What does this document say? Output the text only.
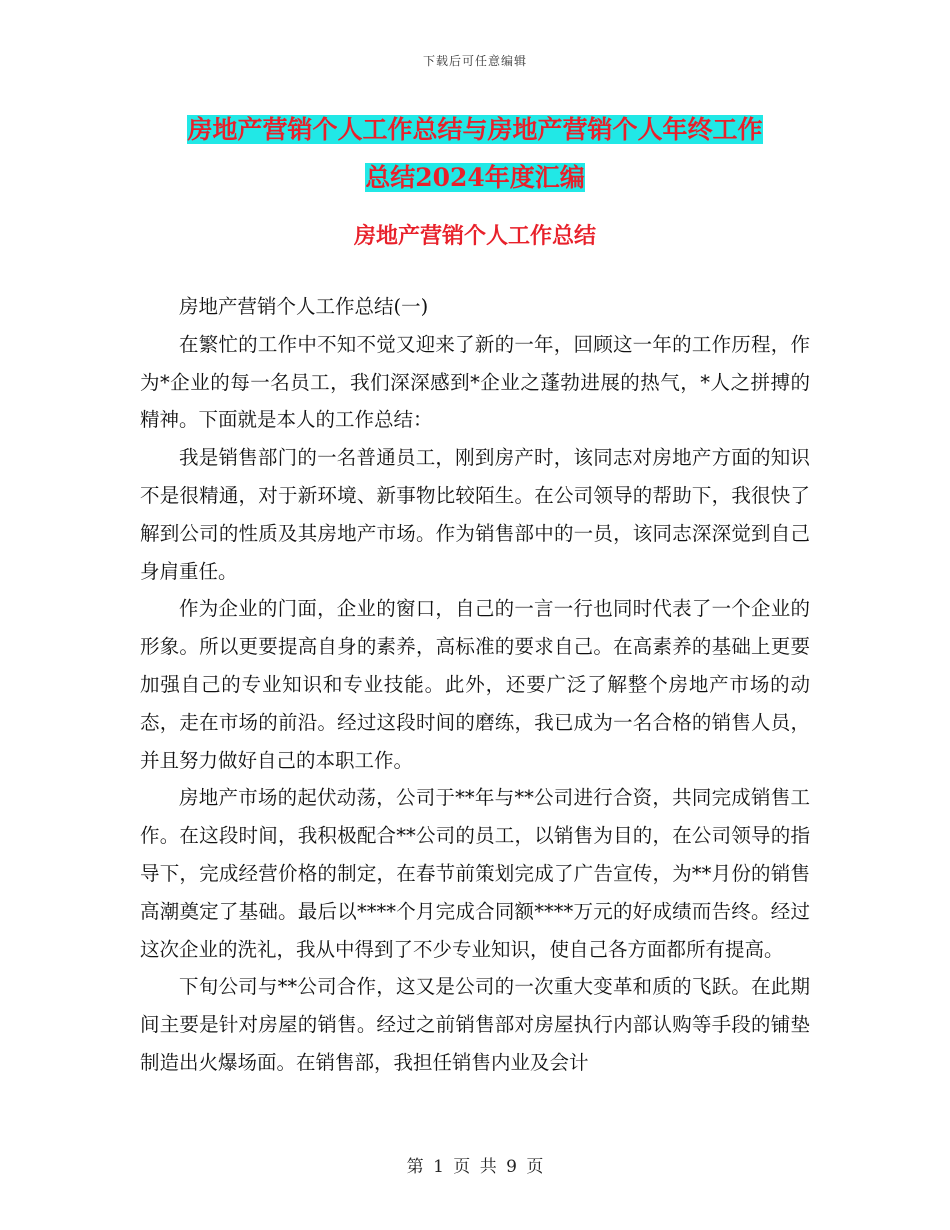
下载后可任意编辑
房地产营销个人工作总结与房地产营销个人年终工作
总结2024年度汇编
房地产营销个人工作总结

房地产营销个人工作总结(一)

在繁忙的工作中不知不觉又迎来了新的一年，回顾这一年的工作历程，作为*企业的每一名员工，我们深深感到*企业之蓬勃进展的热气，*人之拼搏的精神。下面就是本人的工作总结：

我是销售部门的一名普通员工，刚到房产时，该同志对房地产方面的知识不是很精通，对于新环境、新事物比较陌生。在公司领导的帮助下，我很快了解到公司的性质及其房地产市场。作为销售部中的一员，该同志深深觉到自己身肩重任。

作为企业的门面，企业的窗口，自己的一言一行也同时代表了一个企业的形象。所以更要提高自身的素养，高标准的要求自己。在高素养的基础上更要加强自己的专业知识和专业技能。此外，还要广泛了解整个房地产市场的动态，走在市场的前沿。经过这段时间的磨练，我已成为一名合格的销售人员，并且努力做好自己的本职工作。

房地产市场的起伏动荡，公司于**年与**公司进行合资，共同完成销售工作。在这段时间，我积极配合**公司的员工，以销售为目的，在公司领导的指导下，完成经营价格的制定，在春节前策划完成了广告宣传，为**月份的销售高潮奠定了基础。最后以****个月完成合同额****万元的好成绩而告终。经过这次企业的洗礼，我从中得到了不少专业知识，使自己各方面都所有提高。

下旬公司与**公司合作，这又是公司的一次重大变革和质的飞跃。在此期间主要是针对房屋的销售。经过之前销售部对房屋执行内部认购等手段的铺垫制造出火爆场面。在销售部，我担任销售内业及会计

第 1 页 共 9 页
